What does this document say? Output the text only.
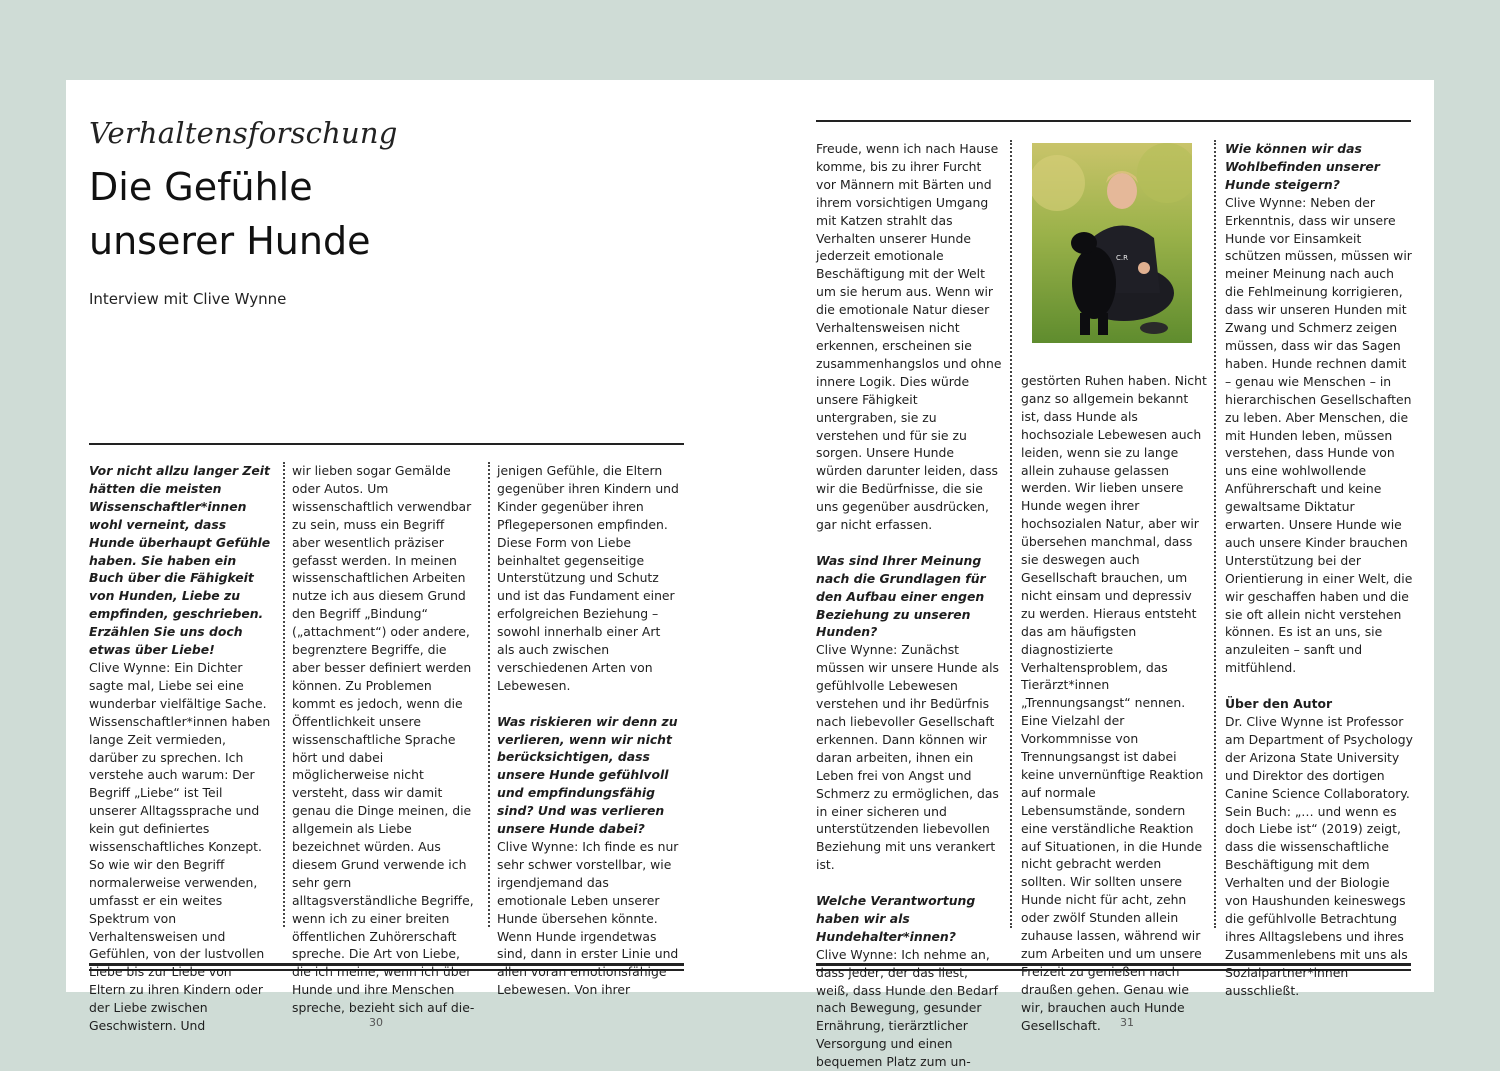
Verhaltensforschung
Die Gefühle
unserer Hunde
Interview mit Clive Wynne

Vor nicht allzu langer Zeit hätten die meisten Wissenschaftler*innen wohl verneint, dass Hunde überhaupt Gefühle haben. Sie haben ein Buch über die Fähigkeit von Hunden, Liebe zu empfinden, geschrieben. Erzählen Sie uns doch etwas über Liebe!

Clive Wynne: Ein Dichter sagte mal, Liebe sei eine wunderbar vielfältige Sache. Wissenschaftler*innen haben lange Zeit vermieden, darüber zu sprechen. Ich verstehe auch warum: Der Begriff „Liebe“ ist Teil unserer Alltagssprache und kein gut definiertes wissenschaftliches Konzept. So wie wir den Begriff normalerweise verwenden, umfasst er ein weites Spektrum von Verhaltensweisen und Gefühlen, von der lustvollen Liebe bis zur Liebe von Eltern zu ihren Kindern oder der Liebe zwischen Geschwistern. Und

wir lieben sogar Gemälde oder Autos. Um wissenschaftlich verwendbar zu sein, muss ein Begriff aber wesentlich präziser gefasst werden. In meinen wissenschaftlichen Arbeiten nutze ich aus diesem Grund den Begriff „Bindung“ („attachment“) oder andere, begrenztere Begriffe, die aber besser definiert werden können. Zu Problemen kommt es jedoch, wenn die Öffentlichkeit unsere wissenschaftliche Sprache hört und dabei möglicherweise nicht versteht, dass wir damit genau die Dinge meinen, die allgemein als Liebe bezeichnet würden. Aus diesem Grund verwende ich sehr gern alltagsverständliche Begriffe, wenn ich zu einer breiten öffentlichen Zuhörerschaft spreche. Die Art von Liebe, die ich meine, wenn ich über Hunde und ihre Menschen spreche, bezieht sich auf die-

jenigen Gefühle, die Eltern gegenüber ihren Kindern und Kinder gegenüber ihren Pflegepersonen empfinden. Diese Form von Liebe beinhaltet gegenseitige Unterstützung und Schutz und ist das Fundament einer erfolgreichen Beziehung – sowohl innerhalb einer Art als auch zwischen verschiedenen Arten von Lebewesen.

Was riskieren wir denn zu verlieren, wenn wir nicht berücksichtigen, dass unsere Hunde gefühlvoll und empfindungsfähig sind? Und was verlieren unsere Hunde dabei?

Clive Wynne: Ich finde es nur sehr schwer vorstellbar, wie irgendjemand das emotionale Leben unserer Hunde übersehen könnte. Wenn Hunde irgendetwas sind, dann in erster Linie und allen voran emotionsfähige Lebewesen. Von ihrer

Freude, wenn ich nach Hause komme, bis zu ihrer Furcht vor Männern mit Bärten und ihrem vorsichtigen Umgang mit Katzen strahlt das Verhalten unserer Hunde jederzeit emotionale Beschäftigung mit der Welt um sie herum aus. Wenn wir die emotionale Natur dieser Verhaltensweisen nicht erkennen, erscheinen sie zusammenhangslos und ohne innere Logik. Dies würde unsere Fähigkeit untergraben, sie zu verstehen und für sie zu sorgen. Unsere Hunde würden darunter leiden, dass wir die Bedürfnisse, die sie uns gegenüber ausdrücken, gar nicht erfassen.

Was sind Ihrer Meinung nach die Grundlagen für den Aufbau einer engen Beziehung zu unseren Hunden?

Clive Wynne: Zunächst müssen wir unsere Hunde als gefühlvolle Lebewesen verstehen und ihr Bedürfnis nach liebevoller Gesellschaft erkennen. Dann können wir daran arbeiten, ihnen ein Leben frei von Angst und Schmerz zu ermöglichen, das in einer sicheren und unterstützenden liebevollen Beziehung mit uns verankert ist.

Welche Verantwortung haben wir als Hundehalter*innen?

Clive Wynne: Ich nehme an, dass jeder, der das liest, weiß, dass Hunde den Bedarf nach Bewegung, gesunder Ernährung, tierärztlicher Versorgung und einen bequemen Platz zum un-

C.R

gestörten Ruhen haben. Nicht ganz so allgemein bekannt ist, dass Hunde als hochsoziale Lebewesen auch leiden, wenn sie zu lange allein zuhause gelassen werden. Wir lieben unsere Hunde wegen ihrer hochsozialen Natur, aber wir übersehen manchmal, dass sie deswegen auch Gesellschaft brauchen, um nicht einsam und depressiv zu werden. Hieraus entsteht das am häufigsten diagnostizierte Verhaltensproblem, das Tierärzt*innen „Trennungsangst“ nennen. Eine Vielzahl der Vorkommnisse von Trennungsangst ist dabei keine unvernünftige Reaktion auf normale Lebensumstände, sondern eine verständliche Reaktion auf Situationen, in die Hunde nicht gebracht werden sollten. Wir sollten unsere Hunde nicht für acht, zehn oder zwölf Stunden allein zuhause lassen, während wir zum Arbeiten und um unsere Freizeit zu genießen nach draußen gehen. Genau wie wir, brauchen auch Hunde Gesellschaft.

Wie können wir das Wohlbefinden unserer Hunde steigern?

Clive Wynne: Neben der Erkenntnis, dass wir unsere Hunde vor Einsamkeit schützen müssen, müssen wir meiner Meinung nach auch die Fehlmeinung korrigieren, dass wir unseren Hunden mit Zwang und Schmerz zeigen müssen, dass wir das Sagen haben. Hunde rechnen damit – genau wie Menschen – in hierarchischen Gesellschaften zu leben. Aber Menschen, die mit Hunden leben, müssen verstehen, dass Hunde von uns eine wohlwollende Anführerschaft und keine gewaltsame Diktatur erwarten. Unsere Hunde wie auch unsere Kinder brauchen Unterstützung bei der Orientierung in einer Welt, die wir geschaffen haben und die sie oft allein nicht verstehen können. Es ist an uns, sie anzuleiten – sanft und mitfühlend.

Über den Autor

Dr. Clive Wynne ist Professor am Department of Psychology der Arizona State University und Direktor des dortigen Canine Science Collaboratory. Sein Buch: „… und wenn es doch Liebe ist“ (2019) zeigt, dass die wissenschaftliche Beschäftigung mit dem Verhalten und der Biologie von Haushunden keineswegs die gefühlvolle Betrachtung ihres Alltagslebens und ihres Zusammenlebens mit uns als Sozialpartner*innen ausschließt.

30	31
